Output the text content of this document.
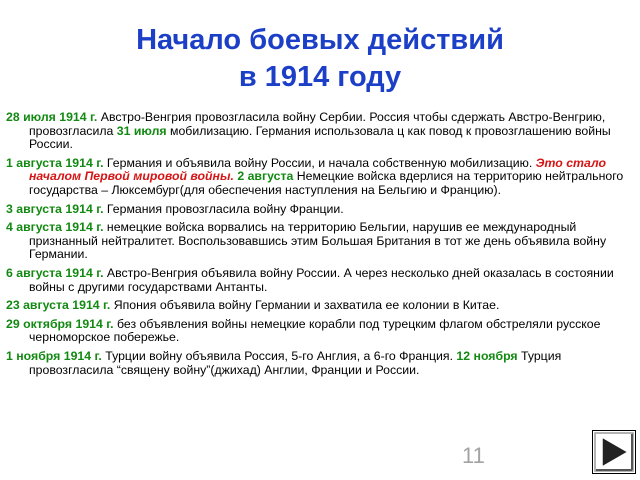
Начало боевых действий
в 1914 году
28 июля 1914 г. Австро-Венгрия провозгласила войну Сербии. Россия чтобы сдержать Австро-Венгрию, провозгласила 31 июля мобилизацию. Германия использовала ц как повод к провозглашению войны России.
1 августа 1914 г. Германия и объявила войну России, и начала собственную мобилизацию. Это стало началом Первой мировой войны. 2 августа Немецкие войска вдерлися на территорию нейтрального государства – Люксембург(для обеспечения наступления на Бельгию и Францию).
3 августа 1914 г. Германия провозгласила войну Франции.
4 августа 1914 г. немецкие войска ворвались на территорию Бельгии, нарушив ее международный признанный нейтралитет. Воспользовавшись этим Большая Британия в тот же день объявила войну Германии.
6 августа 1914 г. Австро-Венгрия объявила войну России. А через несколько дней оказалась в состоянии войны с другими государствами Антанты.
23 августа 1914 г. Япония объявила войну Германии и захватила ее колонии в Китае.
29 октября 1914 г. без объявления войны немецкие корабли под турецким флагом обстреляли русское черноморское побережье.
1 ноября 1914 г. Турции войну объявила Россия, 5-го Англия, а 6-го Франция. 12 ноября Турция провозгласила “священу войну”(джихад) Англии, Франции и России.
11
